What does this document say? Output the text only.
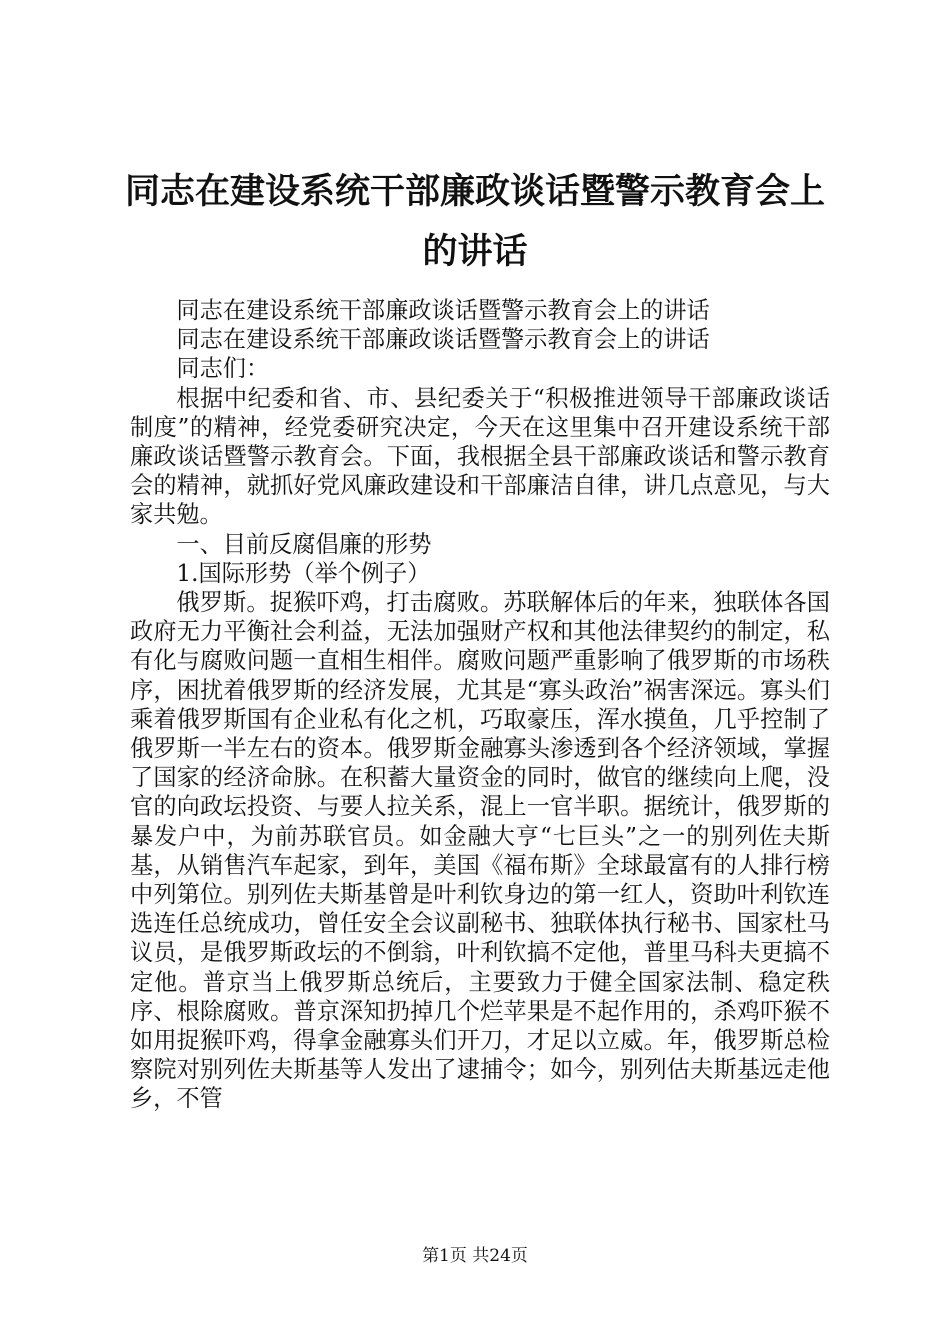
同志在建设系统干部廉政谈话暨警示教育会上的讲话

同志在建设系统干部廉政谈话暨警示教育会上的讲话

同志在建设系统干部廉政谈话暨警示教育会上的讲话

同志们：

根据中纪委和省、市、县纪委关于“积极推进领导干部廉政谈话制度”的精神，经党委研究决定，今天在这里集中召开建设系统干部廉政谈话暨警示教育会。下面，我根据全县干部廉政谈话和警示教育会的精神，就抓好党风廉政建设和干部廉洁自律，讲几点意见，与大家共勉。

一、目前反腐倡廉的形势

1.国际形势（举个例子）

俄罗斯。捉猴吓鸡，打击腐败。苏联解体后的年来，独联体各国政府无力平衡社会利益，无法加强财产权和其他法律契约的制定，私有化与腐败问题一直相生相伴。腐败问题严重影响了俄罗斯的市场秩序，困扰着俄罗斯的经济发展，尤其是“寡头政治”祸害深远。寡头们乘着俄罗斯国有企业私有化之机，巧取豪压，浑水摸鱼，几乎控制了俄罗斯一半左右的资本。俄罗斯金融寡头渗透到各个经济领域，掌握了国家的经济命脉。在积蓄大量资金的同时，做官的继续向上爬，没官的向政坛投资、与要人拉关系，混上一官半职。据统计，俄罗斯的暴发户中，为前苏联官员。如金融大亨“七巨头”之一的别列佐夫斯基，从销售汽车起家，到年，美国《福布斯》全球最富有的人排行榜中列第位。别列佐夫斯基曾是叶利钦身边的第一红人，资助叶利钦连选连任总统成功，曾任安全会议副秘书、独联体执行秘书、国家杜马议员，是俄罗斯政坛的不倒翁，叶利钦搞不定他，普里马科夫更搞不定他。普京当上俄罗斯总统后，主要致力于健全国家法制、稳定秩序、根除腐败。普京深知扔掉几个烂苹果是不起作用的，杀鸡吓猴不如用捉猴吓鸡，得拿金融寡头们开刀，才足以立威。年，俄罗斯总检察院对别列佐夫斯基等人发出了逮捕令；如今，别列估夫斯基远走他乡，不管

第1页 共24页
